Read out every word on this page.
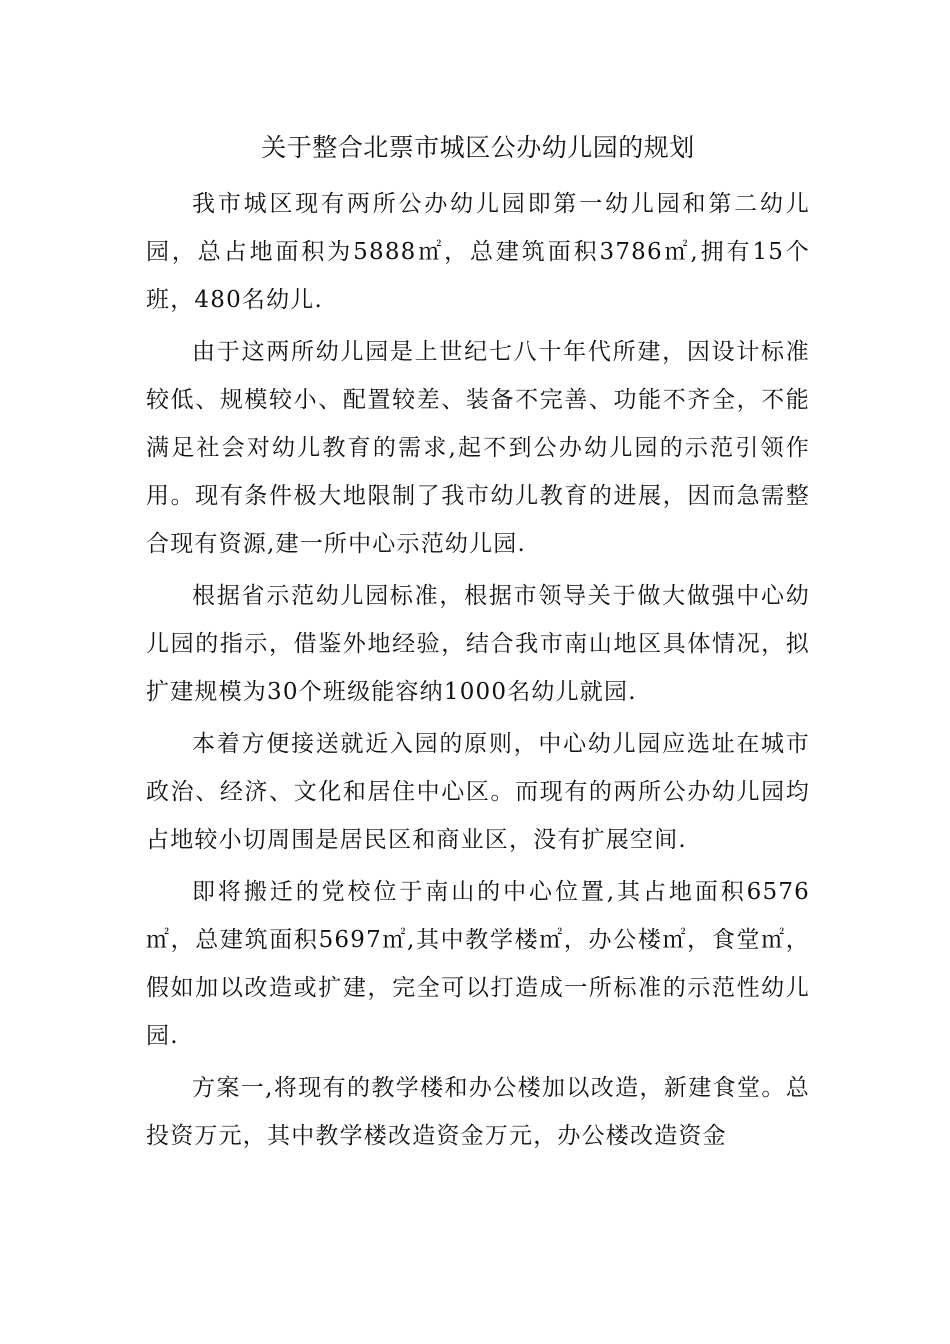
关于整合北票市城区公办幼儿园的规划

我市城区现有两所公办幼儿园即第一幼儿园和第二幼儿园，总占地面积为5888㎡，总建筑面积3786㎡,拥有15个班，480名幼儿.

由于这两所幼儿园是上世纪七八十年代所建，因设计标准较低、规模较小、配置较差、装备不完善、功能不齐全，不能满足社会对幼儿教育的需求,起不到公办幼儿园的示范引领作用。现有条件极大地限制了我市幼儿教育的进展，因而急需整合现有资源,建一所中心示范幼儿园.

根据省示范幼儿园标准，根据市领导关于做大做强中心幼儿园的指示，借鉴外地经验，结合我市南山地区具体情况，拟扩建规模为30个班级能容纳1000名幼儿就园.

本着方便接送就近入园的原则，中心幼儿园应选址在城市政治、经济、文化和居住中心区。而现有的两所公办幼儿园均占地较小切周围是居民区和商业区，没有扩展空间.

即将搬迁的党校位于南山的中心位置,其占地面积6576㎡，总建筑面积5697㎡,其中教学楼㎡，办公楼㎡，食堂㎡，假如加以改造或扩建，完全可以打造成一所标准的示范性幼儿园.

方案一,将现有的教学楼和办公楼加以改造，新建食堂。总投资万元，其中教学楼改造资金万元，办公楼改造资金
